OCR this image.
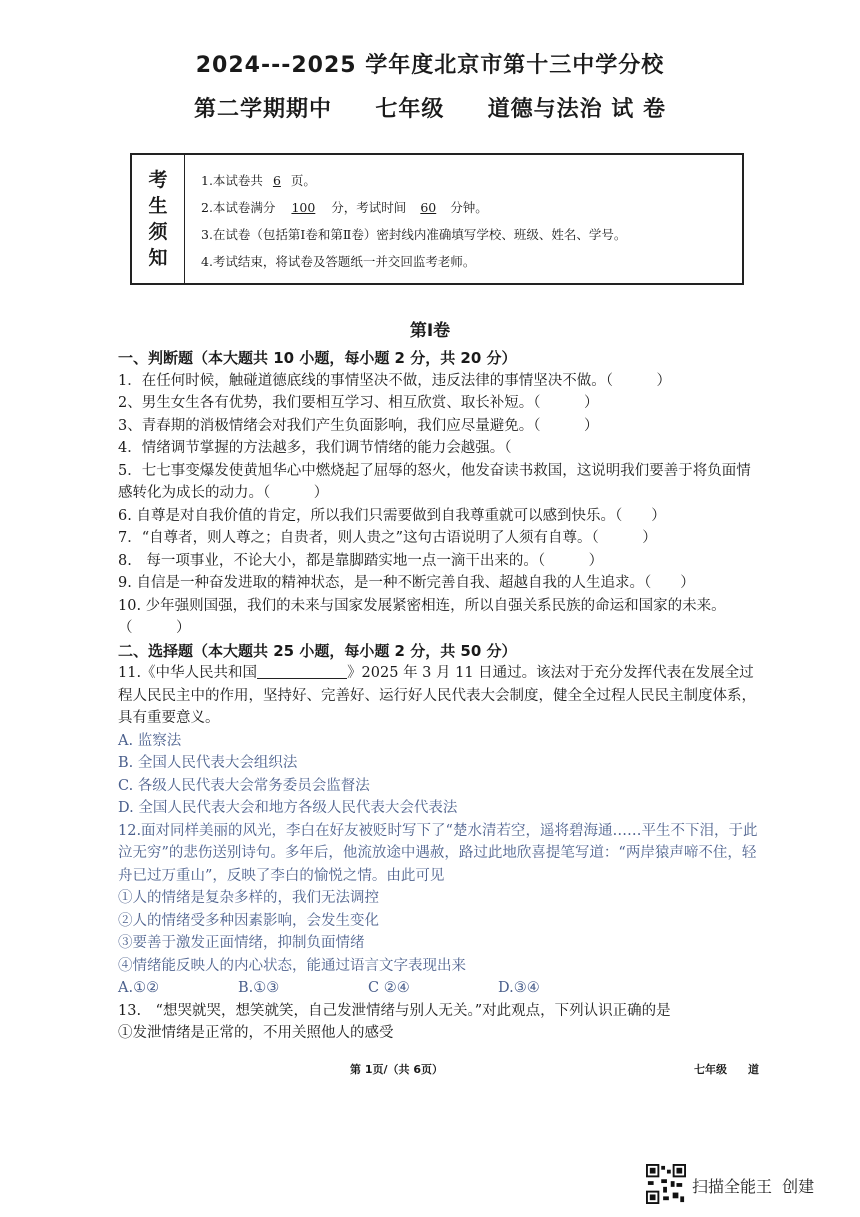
2024---2025 学年度北京市第十三中学分校
第二学期期中     七年级     道德与法治 试 卷
考
生
须
知
1.本试卷共 6 页。
2.本试卷满分 100 分，考试时间 60 分钟。
3.在试卷（包括第Ⅰ卷和第Ⅱ卷）密封线内准确填写学校、班级、姓名、学号。
4.考试结束，将试卷及答题纸一并交回监考老师。
第Ⅰ卷
一、判断题（本大题共 10 小题，每小题 2 分，共 20 分）
1．在任何时候，触碰道德底线的事情坚决不做，违反法律的事情坚决不做。（　　　）
2、男生女生各有优势，我们要相互学习、相互欣赏、取长补短。（　　　）
3、青春期的消极情绪会对我们产生负面影响，我们应尽量避免。（　　　）
4．情绪调节掌握的方法越多，我们调节情绪的能力会越强。（
5．七七事变爆发使黄旭华心中燃烧起了屈辱的怒火，他发奋读书救国，这说明我们要善于将负面情感转化为成长的动力。（　　　）
6. 自尊是对自我价值的肯定，所以我们只需要做到自我尊重就可以感到快乐。（　　）
7．“自尊者，则人尊之；自贵者，则人贵之”这句古语说明了人须有自尊。（　　　）
8.　每一项事业，不论大小，都是靠脚踏实地一点一滴干出来的。（　　　）
9. 自信是一种奋发进取的精神状态，是一种不断完善自我、超越自我的人生追求。（　　）
10. 少年强则国强，我们的未来与国家发展紧密相连，所以自强关系民族的命运和国家的未来。（　　　）
二、选择题（本大题共 25 小题，每小题 2 分，共 50 分）
11.《中华人民共和国	》2025 年 3 月 11 日通过。该法对于充分发挥代表在发展全过程人民民主中的作用，坚持好、完善好、运行好人民代表大会制度，健全全过程人民民主制度体系，具有重要意义。
A. 监察法
B. 全国人民代表大会组织法
C. 各级人民代表大会常务委员会监督法
D. 全国人民代表大会和地方各级人民代表大会代表法
12.面对同样美丽的风光，李白在好友被贬时写下了“楚水清若空，遥将碧海通……平生不下泪，于此泣无穷”的悲伤送别诗句。多年后，他流放途中遇赦，路过此地欣喜提笔写道：“两岸猿声啼不住，轻舟已过万重山”，反映了李白的愉悦之情。由此可见
①人的情绪是复杂多样的，我们无法调控
②人的情绪受多种因素影响，会发生变化
③要善于激发正面情绪，抑制负面情绪
④情绪能反映人的内心状态，能通过语言文字表现出来
A.①②	B.①③	C ②④	D.③④
13.　“想哭就哭，想笑就笑，自己发泄情绪与别人无关。”对此观点，下列认识正确的是
①发泄情绪是正常的，不用关照他人的感受
第 1页/（共 6页）	七年级 道
扫描全能王  创建
